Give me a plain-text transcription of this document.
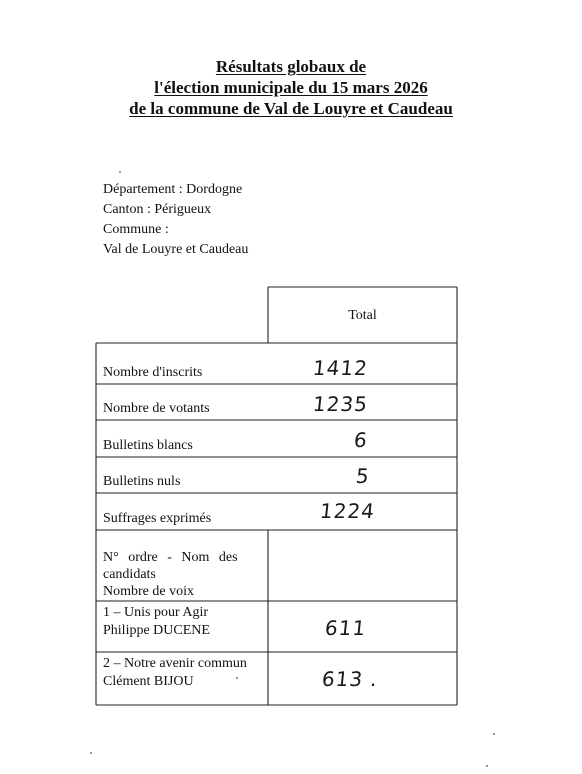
Résultats globaux de
l'élection municipale du 15 mars 2026
de la commune de Val de Louyre et Caudeau
Département : Dordogne
Canton : Périgueux
Commune :
Val de Louyre et Caudeau
Total
Nombre d'inscrits	1412
Nombre de votants	1235
Bulletins blancs	6
Bulletins nuls	5
Suffrages exprimés	1224
N° ordre - Nom des
candidats
Nombre de voix
1 – Unis pour Agir
Philippe DUCENE	611
2 – Notre avenir commun
Clément BIJOU	613 .
